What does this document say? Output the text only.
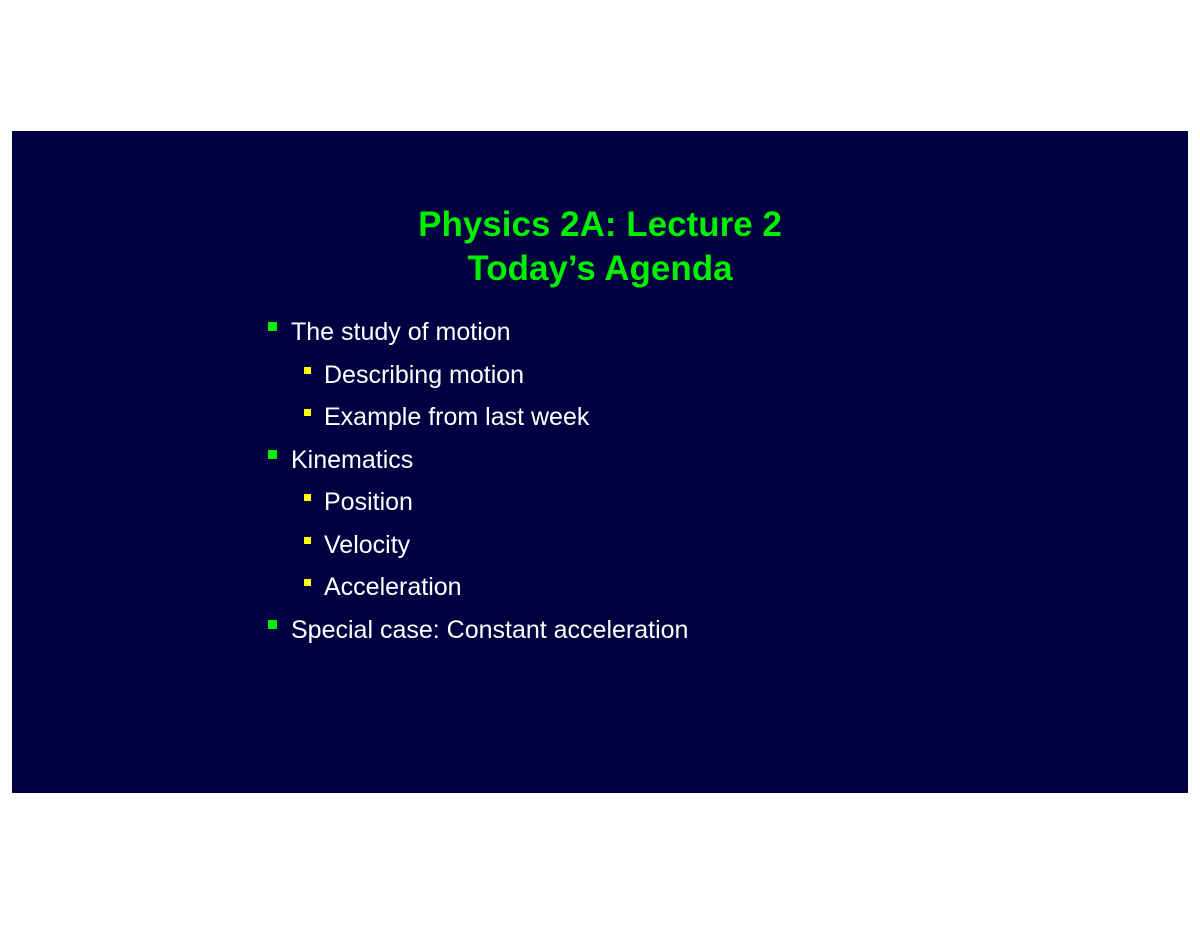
Physics 2A: Lecture 2
Today’s Agenda
The study of motion
Describing motion
Example from last week
Kinematics
Position
Velocity
Acceleration
Special case: Constant acceleration
